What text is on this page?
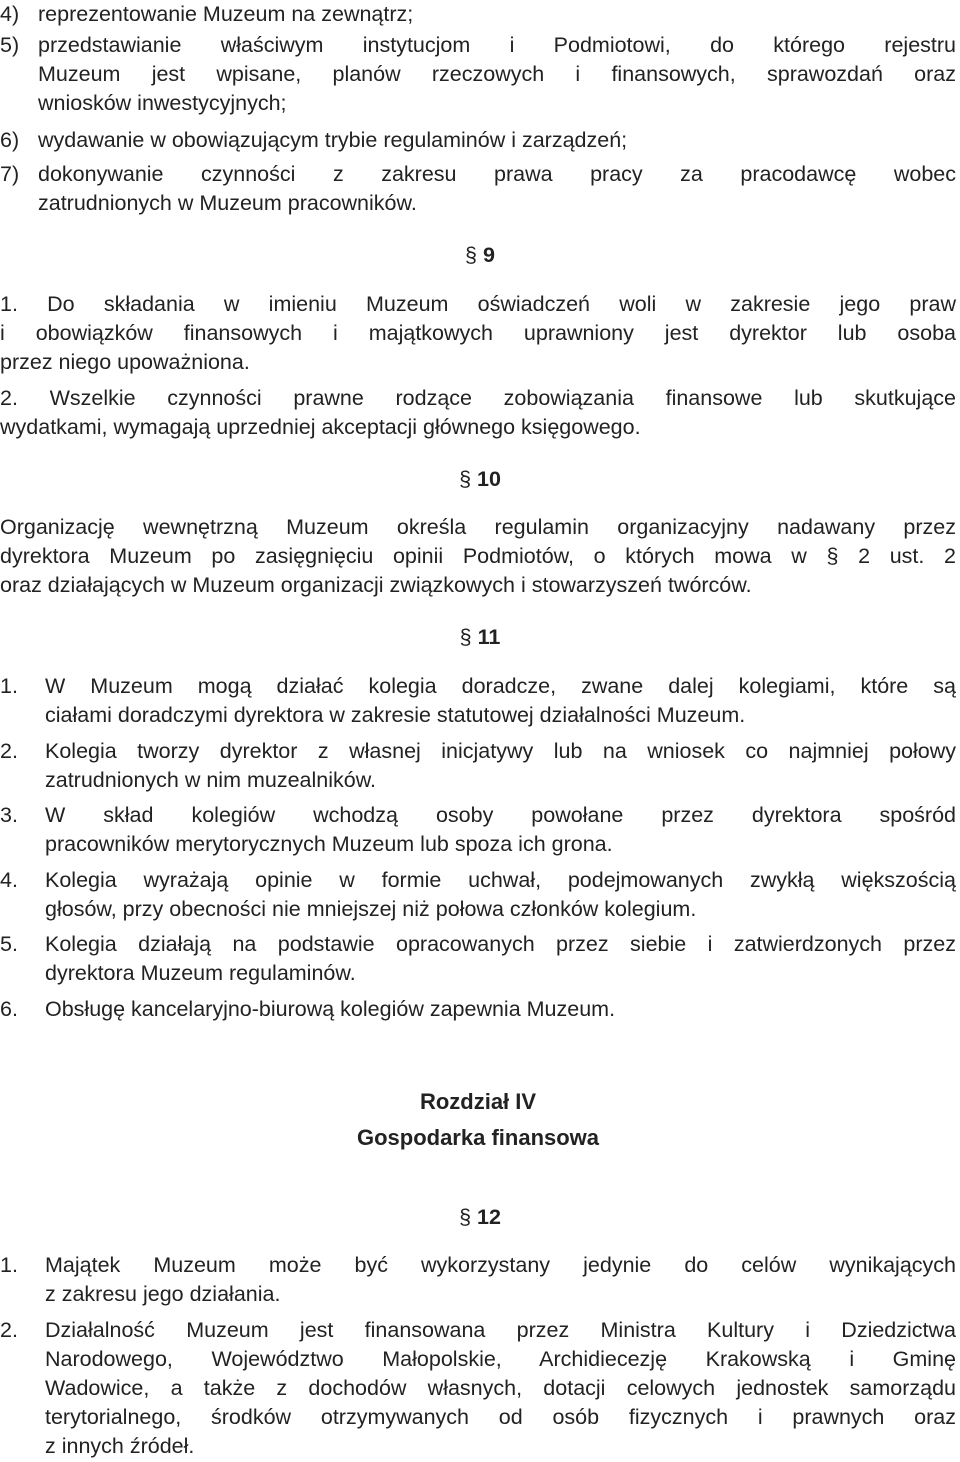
4) reprezentowanie Muzeum na zewnątrz;
5) przedstawianie właściwym instytucjom i Podmiotowi, do którego rejestru
Muzeum jest wpisane, planów rzeczowych i finansowych, sprawozdań oraz
wniosków inwestycyjnych;
6) wydawanie w obowiązującym trybie regulaminów i zarządzeń;
7) dokonywanie czynności z zakresu prawa pracy za pracodawcę wobec
zatrudnionych w Muzeum pracowników.
§ 9
1. Do składania w imieniu Muzeum oświadczeń woli w zakresie jego praw
i obowiązków finansowych i majątkowych uprawniony jest dyrektor lub osoba
przez niego upoważniona.
2. Wszelkie czynności prawne rodzące zobowiązania finansowe lub skutkujące
wydatkami, wymagają uprzedniej akceptacji głównego księgowego.
§ 10
Organizację wewnętrzną Muzeum określa regulamin organizacyjny nadawany przez
dyrektora Muzeum po zasięgnięciu opinii Podmiotów, o których mowa w § 2 ust. 2
oraz działających w Muzeum organizacji związkowych i stowarzyszeń twórców.
§ 11
1. W Muzeum mogą działać kolegia doradcze, zwane dalej kolegiami, które są
ciałami doradczymi dyrektora w zakresie statutowej działalności Muzeum.
2. Kolegia tworzy dyrektor z własnej inicjatywy lub na wniosek co najmniej połowy
zatrudnionych w nim muzealników.
3. W skład kolegiów wchodzą osoby powołane przez dyrektora spośród
pracowników merytorycznych Muzeum lub spoza ich grona.
4. Kolegia wyrażają opinie w formie uchwał, podejmowanych zwykłą większością
głosów, przy obecności nie mniejszej niż połowa członków kolegium.
5. Kolegia działają na podstawie opracowanych przez siebie i zatwierdzonych przez
dyrektora Muzeum regulaminów.
6. Obsługę kancelaryjno-biurową kolegiów zapewnia Muzeum.
Rozdział IV
Gospodarka finansowa
§ 12
1. Majątek Muzeum może być wykorzystany jedynie do celów wynikających
z zakresu jego działania.
2. Działalność Muzeum jest finansowana przez Ministra Kultury i Dziedzictwa
Narodowego, Województwo Małopolskie, Archidiecezję Krakowską i Gminę
Wadowice, a także z dochodów własnych, dotacji celowych jednostek samorządu
terytorialnego, środków otrzymywanych od osób fizycznych i prawnych oraz
z innych źródeł.
